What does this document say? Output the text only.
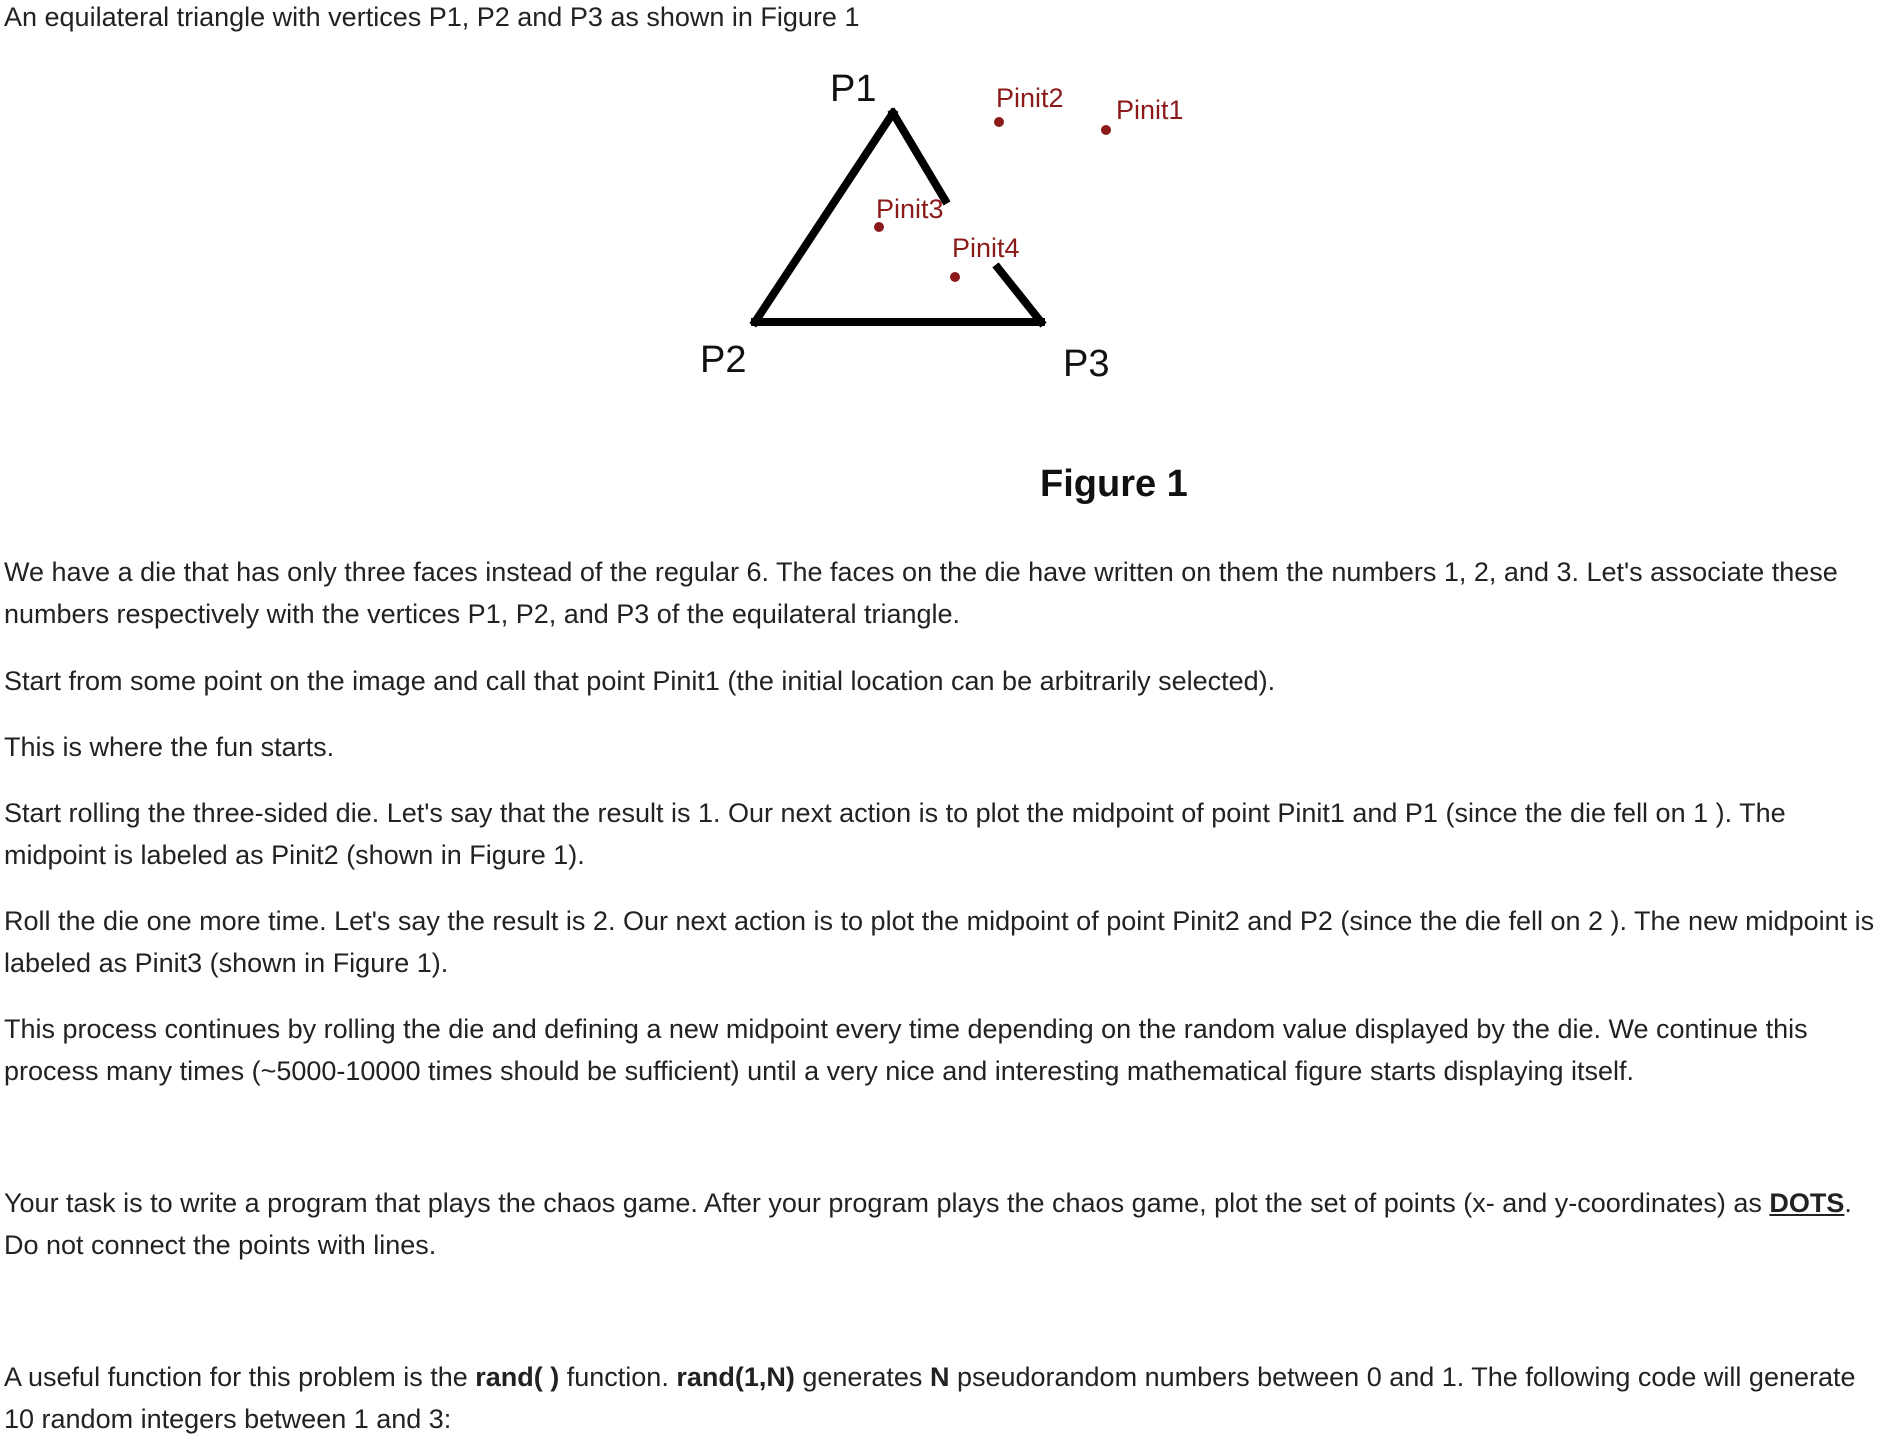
An equilateral triangle with vertices P1, P2 and P3 as shown in Figure 1

P1
P2	P3
Pinit1
Pinit2
Pinit3
Pinit4
Figure 1

We have a die that has only three faces instead of the regular 6. The faces on the die have written on them the numbers 1, 2, and 3. Let's associate these numbers respectively with the vertices P1, P2, and P3 of the equilateral triangle.

Start from some point on the image and call that point Pinit1 (the initial location can be arbitrarily selected).

This is where the fun starts.

Start rolling the three-sided die. Let's say that the result is 1. Our next action is to plot the midpoint of point Pinit1 and P1 (since the die fell on 1 ). The midpoint is labeled as Pinit2 (shown in Figure 1).

Roll the die one more time. Let's say the result is 2. Our next action is to plot the midpoint of point Pinit2 and P2 (since the die fell on 2 ). The new midpoint is labeled as Pinit3 (shown in Figure 1).

This process continues by rolling the die and defining a new midpoint every time depending on the random value displayed by the die. We continue this process many times (~5000-10000 times should be sufficient) until a very nice and interesting mathematical figure starts displaying itself.

Your task is to write a program that plays the chaos game. After your program plays the chaos game, plot the set of points (x- and y-coordinates) as DOTS. Do not connect the points with lines.

A useful function for this problem is the rand( ) function. rand(1,N) generates N pseudorandom numbers between 0 and 1. The following code will generate 10 random integers between 1 and 3:
